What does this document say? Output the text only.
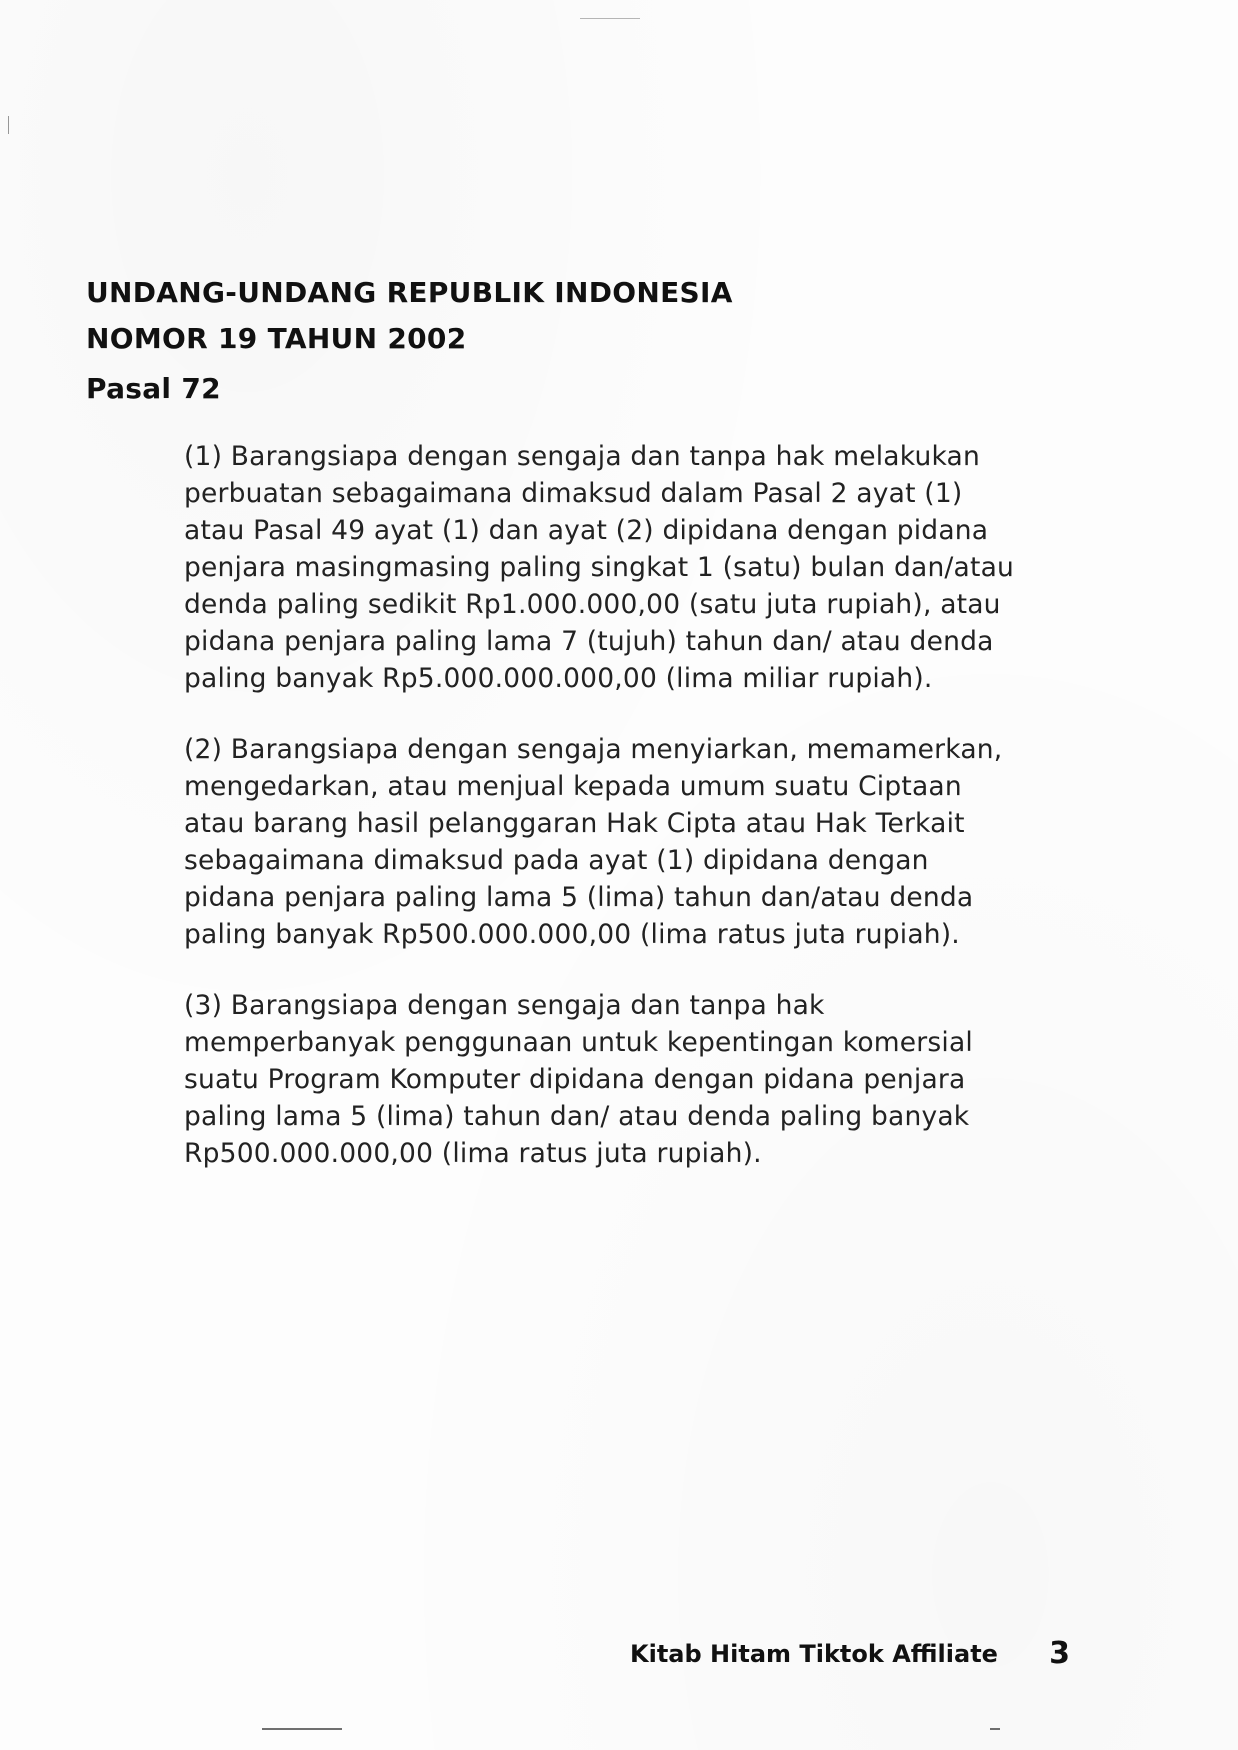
UNDANG-UNDANG REPUBLIK INDONESIA
NOMOR 19 TAHUN 2002
Pasal 72

(1) Barangsiapa dengan sengaja dan tanpa hak melakukan
perbuatan sebagaimana dimaksud dalam Pasal 2 ayat (1)
atau Pasal 49 ayat (1) dan ayat (2) dipidana dengan pidana
penjara masingmasing paling singkat 1 (satu) bulan dan/atau
denda paling sedikit Rp1.000.000,00 (satu juta rupiah), atau
pidana penjara paling lama 7 (tujuh) tahun dan/ atau denda
paling banyak Rp5.000.000.000,00 (lima miliar rupiah).

(2) Barangsiapa dengan sengaja menyiarkan, memamerkan,
mengedarkan, atau menjual kepada umum suatu Ciptaan
atau barang hasil pelanggaran Hak Cipta atau Hak Terkait
sebagaimana dimaksud pada ayat (1) dipidana dengan
pidana penjara paling lama 5 (lima) tahun dan/atau denda
paling banyak Rp500.000.000,00 (lima ratus juta rupiah).

(3) Barangsiapa dengan sengaja dan tanpa hak
memperbanyak penggunaan untuk kepentingan komersial
suatu Program Komputer dipidana dengan pidana penjara
paling lama 5 (lima) tahun dan/ atau denda paling banyak
Rp500.000.000,00 (lima ratus juta rupiah).

Kitab Hitam Tiktok Affiliate 3
